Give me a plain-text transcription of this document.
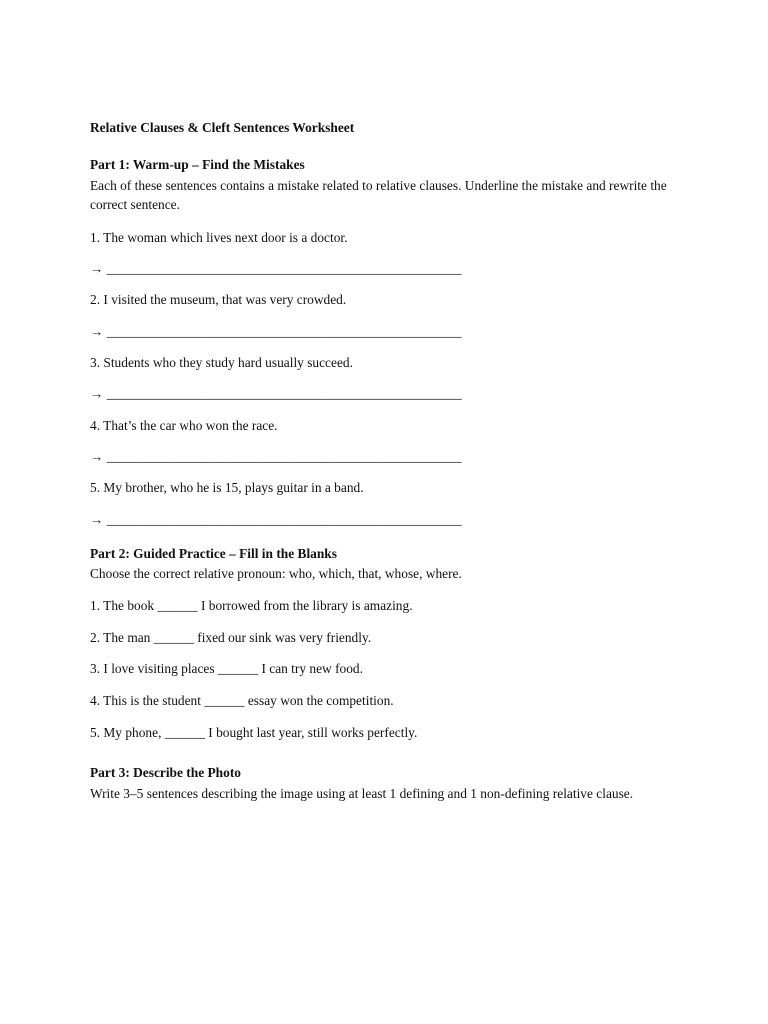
Relative Clauses & Cleft Sentences Worksheet

Part 1: Warm-up – Find the Mistakes

Each of these sentences contains a mistake related to relative clauses. Underline the mistake and rewrite the correct sentence.

1. The woman which lives next door is a doctor.

→ _____________________________________________________

2. I visited the museum, that was very crowded.

→ _____________________________________________________

3. Students who they study hard usually succeed.

→ _____________________________________________________

4. That’s the car who won the race.

→ _____________________________________________________

5. My brother, who he is 15, plays guitar in a band.

→ _____________________________________________________

Part 2: Guided Practice – Fill in the Blanks

Choose the correct relative pronoun: who, which, that, whose, where.

1. The book ______ I borrowed from the library is amazing.

2. The man ______ fixed our sink was very friendly.

3. I love visiting places ______ I can try new food.

4. This is the student ______ essay won the competition.

5. My phone, ______ I bought last year, still works perfectly.

Part 3: Describe the Photo

Write 3–5 sentences describing the image using at least 1 defining and 1 non-defining relative clause.
